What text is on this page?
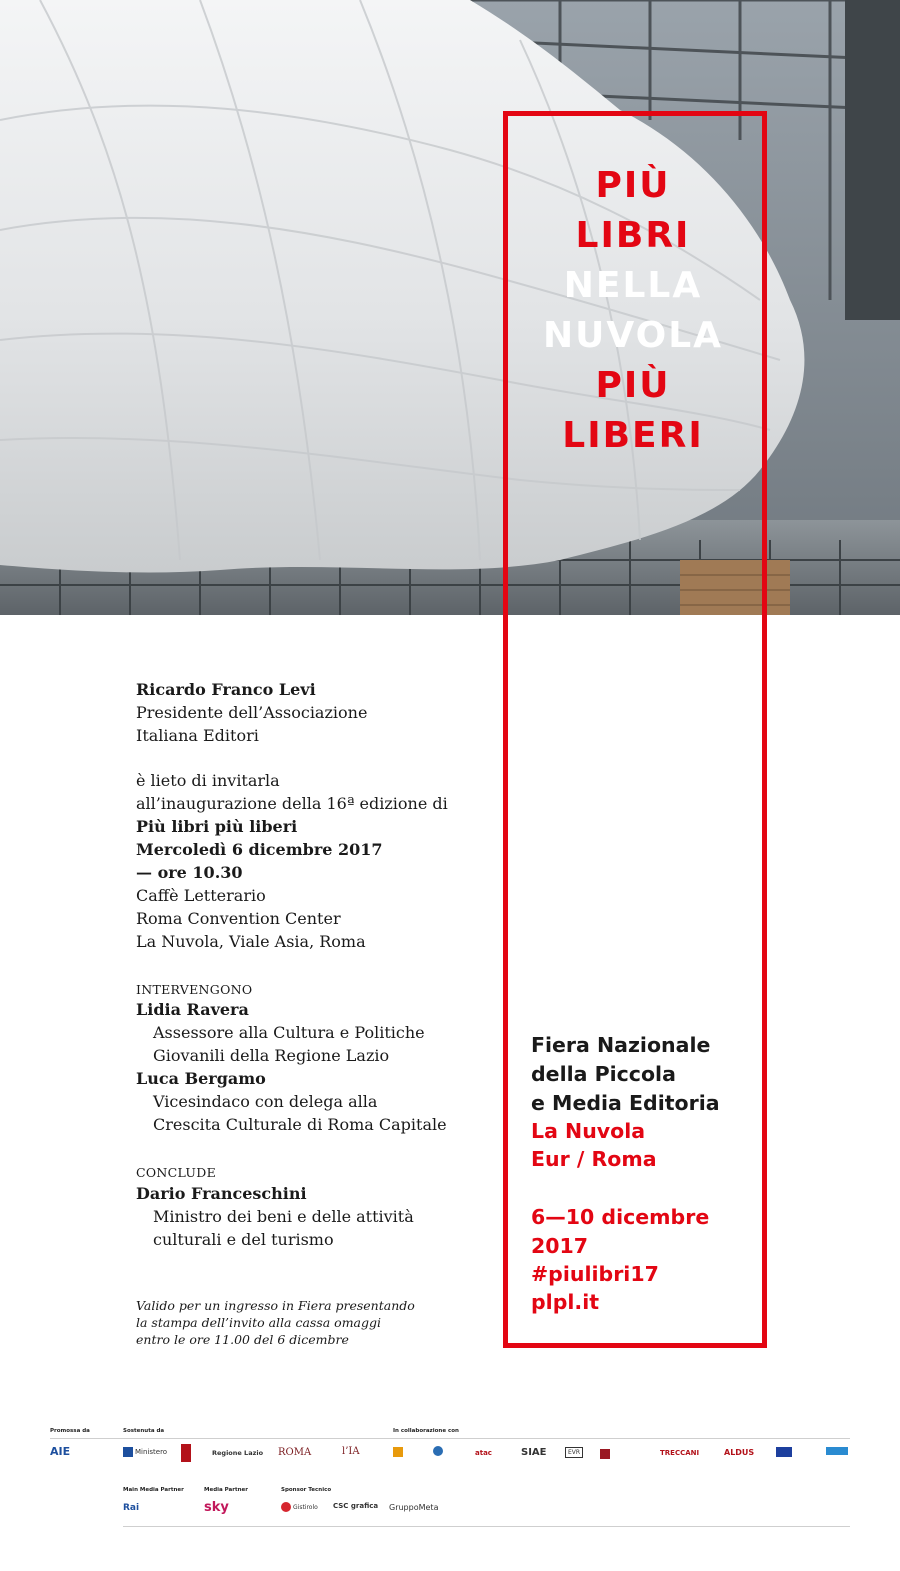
PIÙ
LIBRI
NELLA
NUVOLA
PIÙ
LIBERI
Ricardo Franco Levi
Presidente dell’Associazione
Italiana Editori
è lieto di invitarla
all’inaugurazione della 16ª edizione di
Più libri più liberi
Mercoledì 6 dicembre 2017
— ore 10.30
Caffè Letterario
Roma Convention Center
La Nuvola, Viale Asia, Roma
INTERVENGONO
Lidia Ravera
Assessore alla Cultura e Politiche
Giovanili della Regione Lazio
Luca Bergamo
Vicesindaco con delega alla
Crescita Culturale di Roma Capitale
CONCLUDE
Dario Franceschini
Ministro dei beni e delle attività
culturali e del turismo
Valido per un ingresso in Fiera presentando
la stampa dell’invito alla cassa omaggi
entro le ore 11.00 del 6 dicembre
Fiera Nazionale
della Piccola
e Media Editoria
La Nuvola
Eur / Roma
6—10 dicembre
2017
#piulibri17
plpl.it
Promossa da	Sostenuta da	In collaborazione con
AIE	Ministero	Regione Lazio ROMA	l’IA	atac	SIAE	EVR	TRECCANI	ALDUS
Main Media Partner	Media Partner	Sponsor Tecnico
Rai	sky	Gistirolo CSC grafica GruppoMeta
